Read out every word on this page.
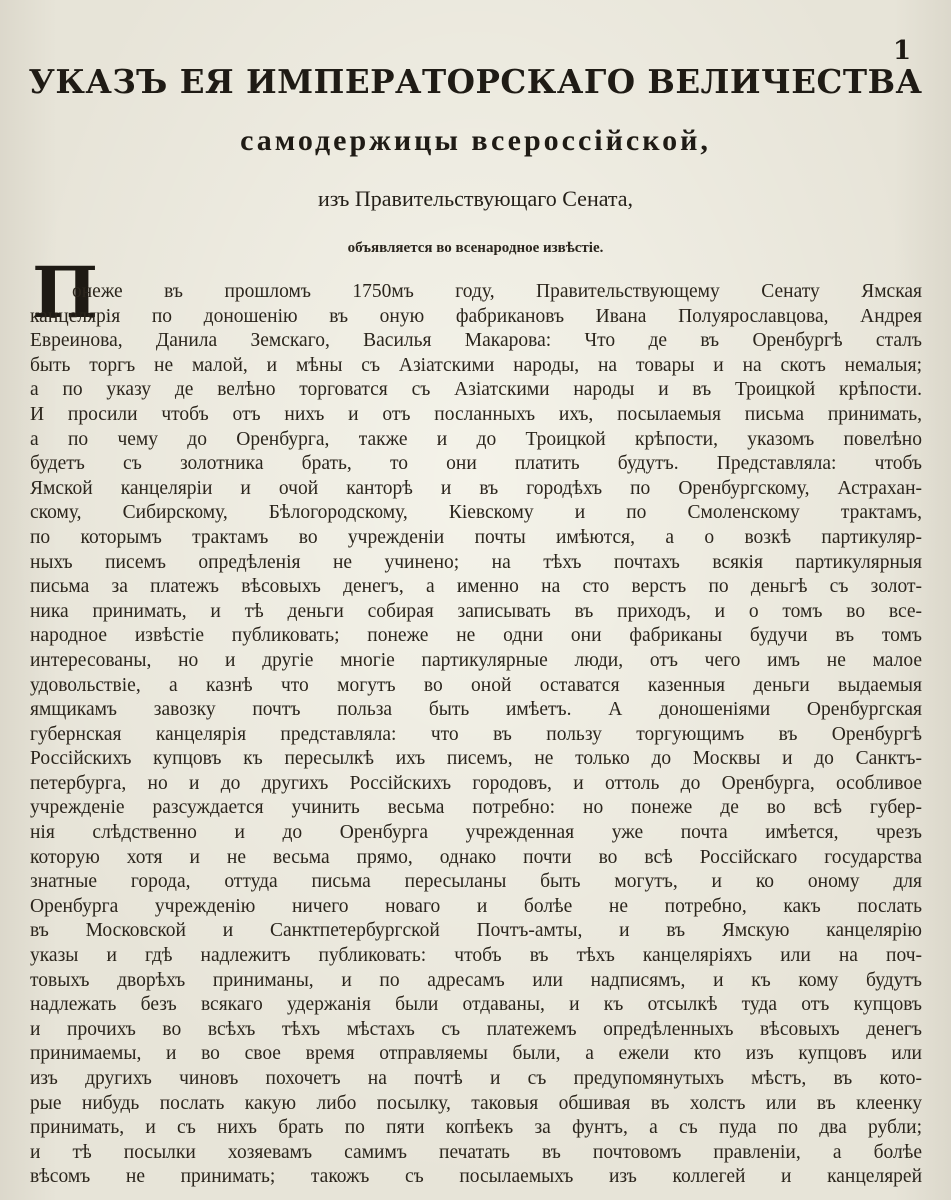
1
УКАЗЪ ЕЯ ИМПЕРАТОРСКАГО ВЕЛИЧЕСТВА
самодержицы всероссійской,
изъ Правительствующаго Сената,
объявляется во всенародное извѣстіе.
П
онеже въ прошломъ 1750мъ году, Правительствующему Сенату Ямская
канцелярія по доношенію въ оную фабрикановъ Ивана Полуярославцова, Андрея
Евреинова, Данила Земскаго, Василья Макарова: Что де въ Оренбургѣ сталъ
быть торгъ не малой, и мѣны съ Азіатскими народы, на товары и на скотъ немалыя;
а по указу де велѣно торговатся съ Азіатскими народы и въ Троицкой крѣпости.
И просили чтобъ отъ нихъ и отъ посланныхъ ихъ, посылаемыя письма принимать,
а по чему до Оренбурга, также и до Троицкой крѣпости, указомъ повелѣно
будетъ съ золотника брать, то они платить будутъ. Представляла: чтобъ
Ямской канцеляріи и очой канторѣ и въ городѣхъ по Оренбургскому, Астрахан-
скому, Сибирскому, Бѣлогородскому, Кіевскому и по Смоленскому трактамъ,
по которымъ трактамъ во учрежденіи почты имѣются, а о возкѣ партикуляр-
ныхъ писемъ опредѣленія не учинено; на тѣхъ почтахъ всякія партикулярныя
письма за платежъ вѣсовыхъ денегъ, а именно на сто верстъ по деньгѣ съ золот-
ника принимать, и тѣ деньги собирая записывать въ приходъ, и о томъ во все-
народное извѣстіе публиковать; понеже не одни они фабриканы будучи въ томъ
интересованы, но и другіе многіе партикулярные люди, отъ чего имъ не малое
удовольствіе, а казнѣ что могутъ во оной оставатся казенныя деньги выдаемыя
ямщикамъ завозку почтъ польза быть имѣетъ. А доношеніями Оренбургская
губернская канцелярія представляла: что въ пользу торгующимъ въ Оренбургѣ
Россійскихъ купцовъ къ пересылкѣ ихъ писемъ, не только до Москвы и до Санктъ-
петербурга, но и до другихъ Россійскихъ городовъ, и оттоль до Оренбурга, особливое
учрежденіе разсуждается учинить весьма потребно: но понеже де во всѣ губер-
нія слѣдственно и до Оренбурга учрежденная уже почта имѣется, чрезъ
которую хотя и не весьма прямо, однако почти во всѣ Россійскаго государства
знатные города, оттуда письма пересыланы быть могутъ, и ко оному для
Оренбурга учрежденію ничего новаго и болѣе не потребно, какъ послать
въ Московской и Санктпетербургской Почтъ-амты, и въ Ямскую канцелярію
указы и гдѣ надлежитъ публиковать: чтобъ въ тѣхъ канцеляріяхъ или на поч-
товыхъ дворѣхъ приниманы, и по адресамъ или надписямъ, и къ кому будутъ
надлежать безъ всякаго удержанія были отдаваны, и къ отсылкѣ туда отъ купцовъ
и прочихъ во всѣхъ тѣхъ мѣстахъ съ платежемъ опредѣленныхъ вѣсовыхъ денегъ
принимаемы, и во свое время отправляемы были, а ежели кто изъ купцовъ или
изъ другихъ чиновъ похочетъ на почтѣ и съ предупомянутыхъ мѣстъ, въ кото-
рые нибудь послать какую либо посылку, таковыя обшивая въ холстъ или въ клеенку
принимать, и съ нихъ брать по пяти копѣекъ за фунтъ, а съ пуда по два рубли;
и тѣ посылки хозяевамъ самимъ печатать въ почтовомъ правленіи, а болѣе
вѣсомъ не принимать; такожъ съ посылаемыхъ изъ коллегей и канцелярей
